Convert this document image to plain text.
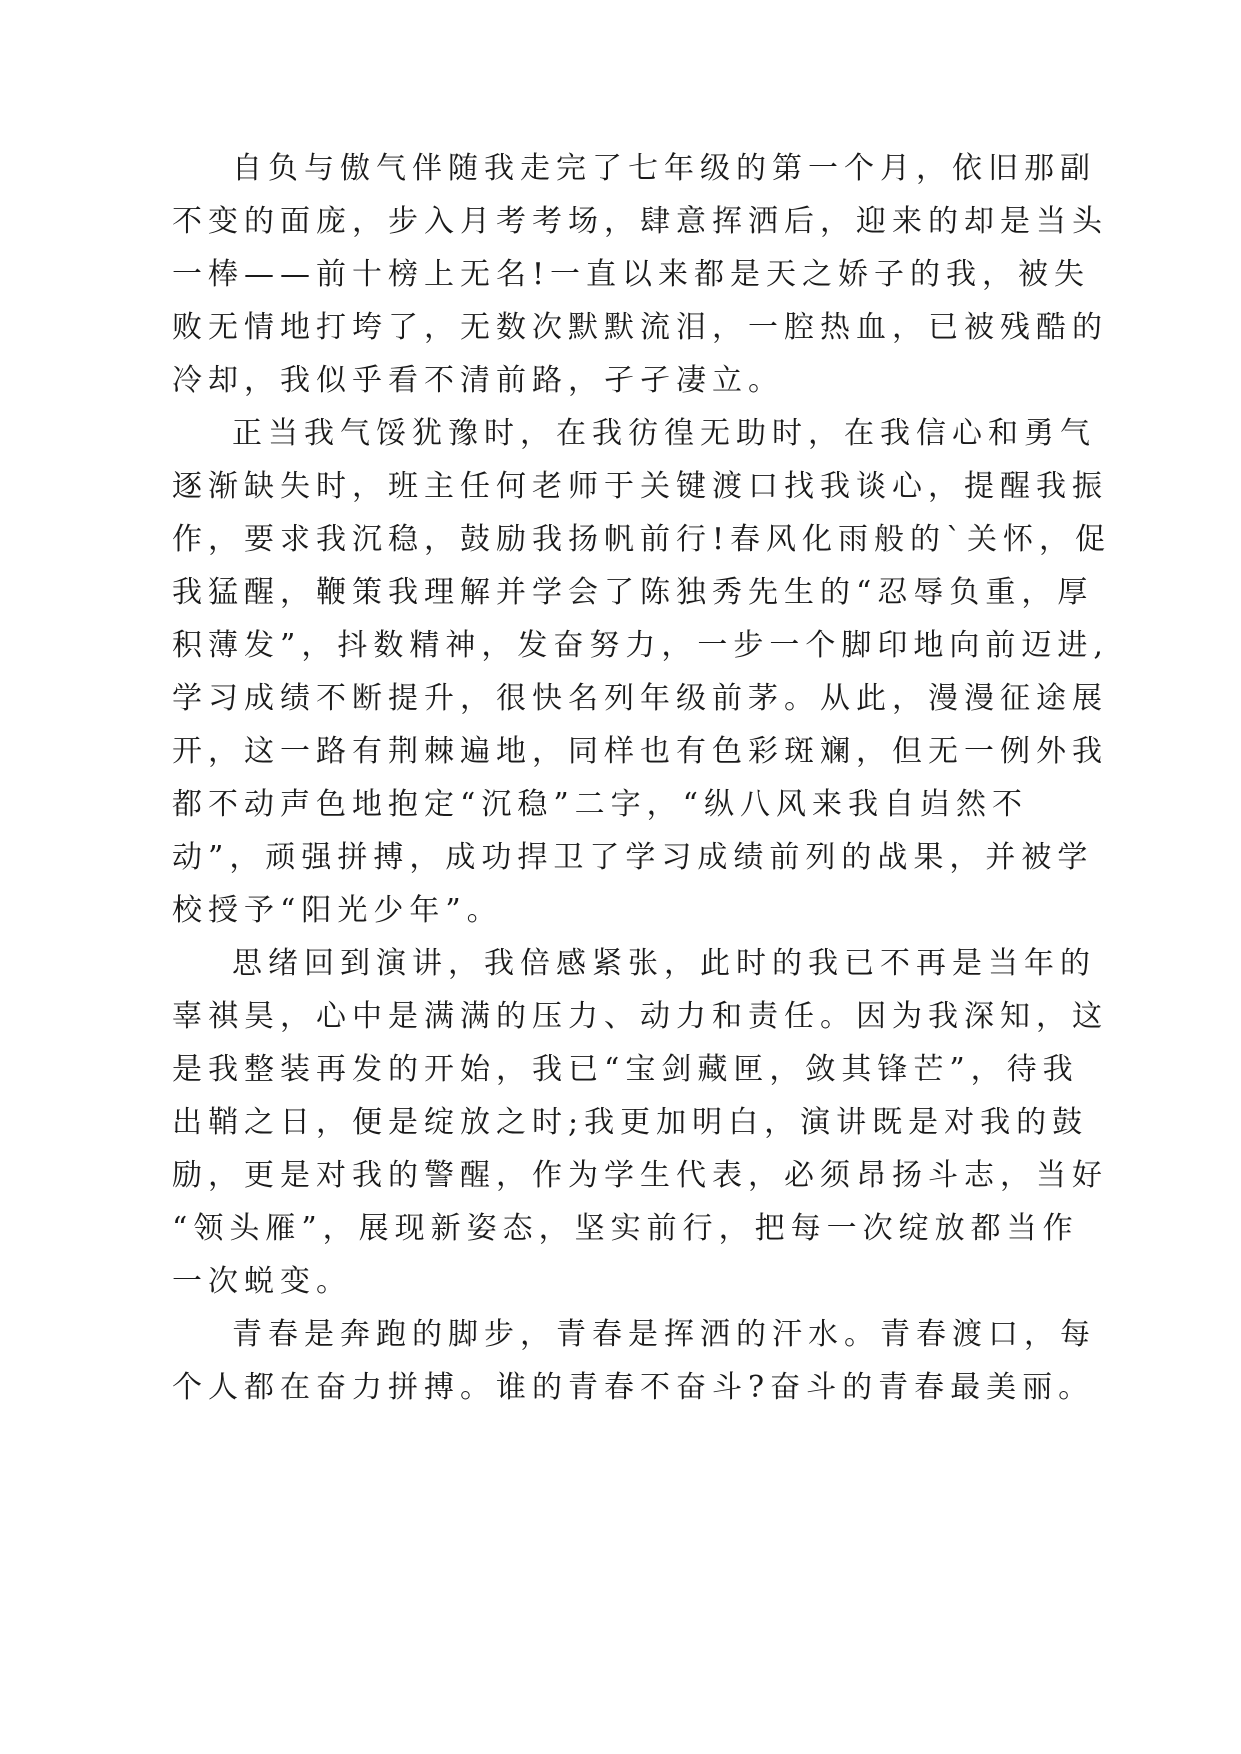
自负与傲气伴随我走完了七年级的第一个月，依旧那副
不变的面庞，步入月考考场，肆意挥洒后，迎来的却是当头
一棒——前十榜上无名!一直以来都是天之娇子的我，被失
败无情地打垮了，无数次默默流泪，一腔热血，已被残酷的
冷却，我似乎看不清前路，孑孑凄立。
正当我气馁犹豫时，在我彷徨无助时，在我信心和勇气
逐渐缺失时，班主任何老师于关键渡口找我谈心，提醒我振
作，要求我沉稳，鼓励我扬帆前行!春风化雨般的`关怀，促
我猛醒，鞭策我理解并学会了陈独秀先生的“忍辱负重，厚
积薄发”，抖数精神，发奋努力，一步一个脚印地向前迈进,
学习成绩不断提升，很快名列年级前茅。从此，漫漫征途展
开，这一路有荆棘遍地，同样也有色彩斑斓，但无一例外我
都不动声色地抱定“沉稳”二字，“纵八风来我自岿然不
动”，顽强拼搏，成功捍卫了学习成绩前列的战果，并被学
校授予“阳光少年”。
思绪回到演讲，我倍感紧张，此时的我已不再是当年的
辜祺昊，心中是满满的压力、动力和责任。因为我深知，这
是我整装再发的开始，我已“宝剑藏匣，敛其锋芒”，待我
出鞘之日，便是绽放之时;我更加明白，演讲既是对我的鼓
励，更是对我的警醒，作为学生代表，必须昂扬斗志，当好
“领头雁”，展现新姿态，坚实前行，把每一次绽放都当作
一次蜕变。
青春是奔跑的脚步，青春是挥洒的汗水。青春渡口，每
个人都在奋力拼搏。谁的青春不奋斗?奋斗的青春最美丽。
